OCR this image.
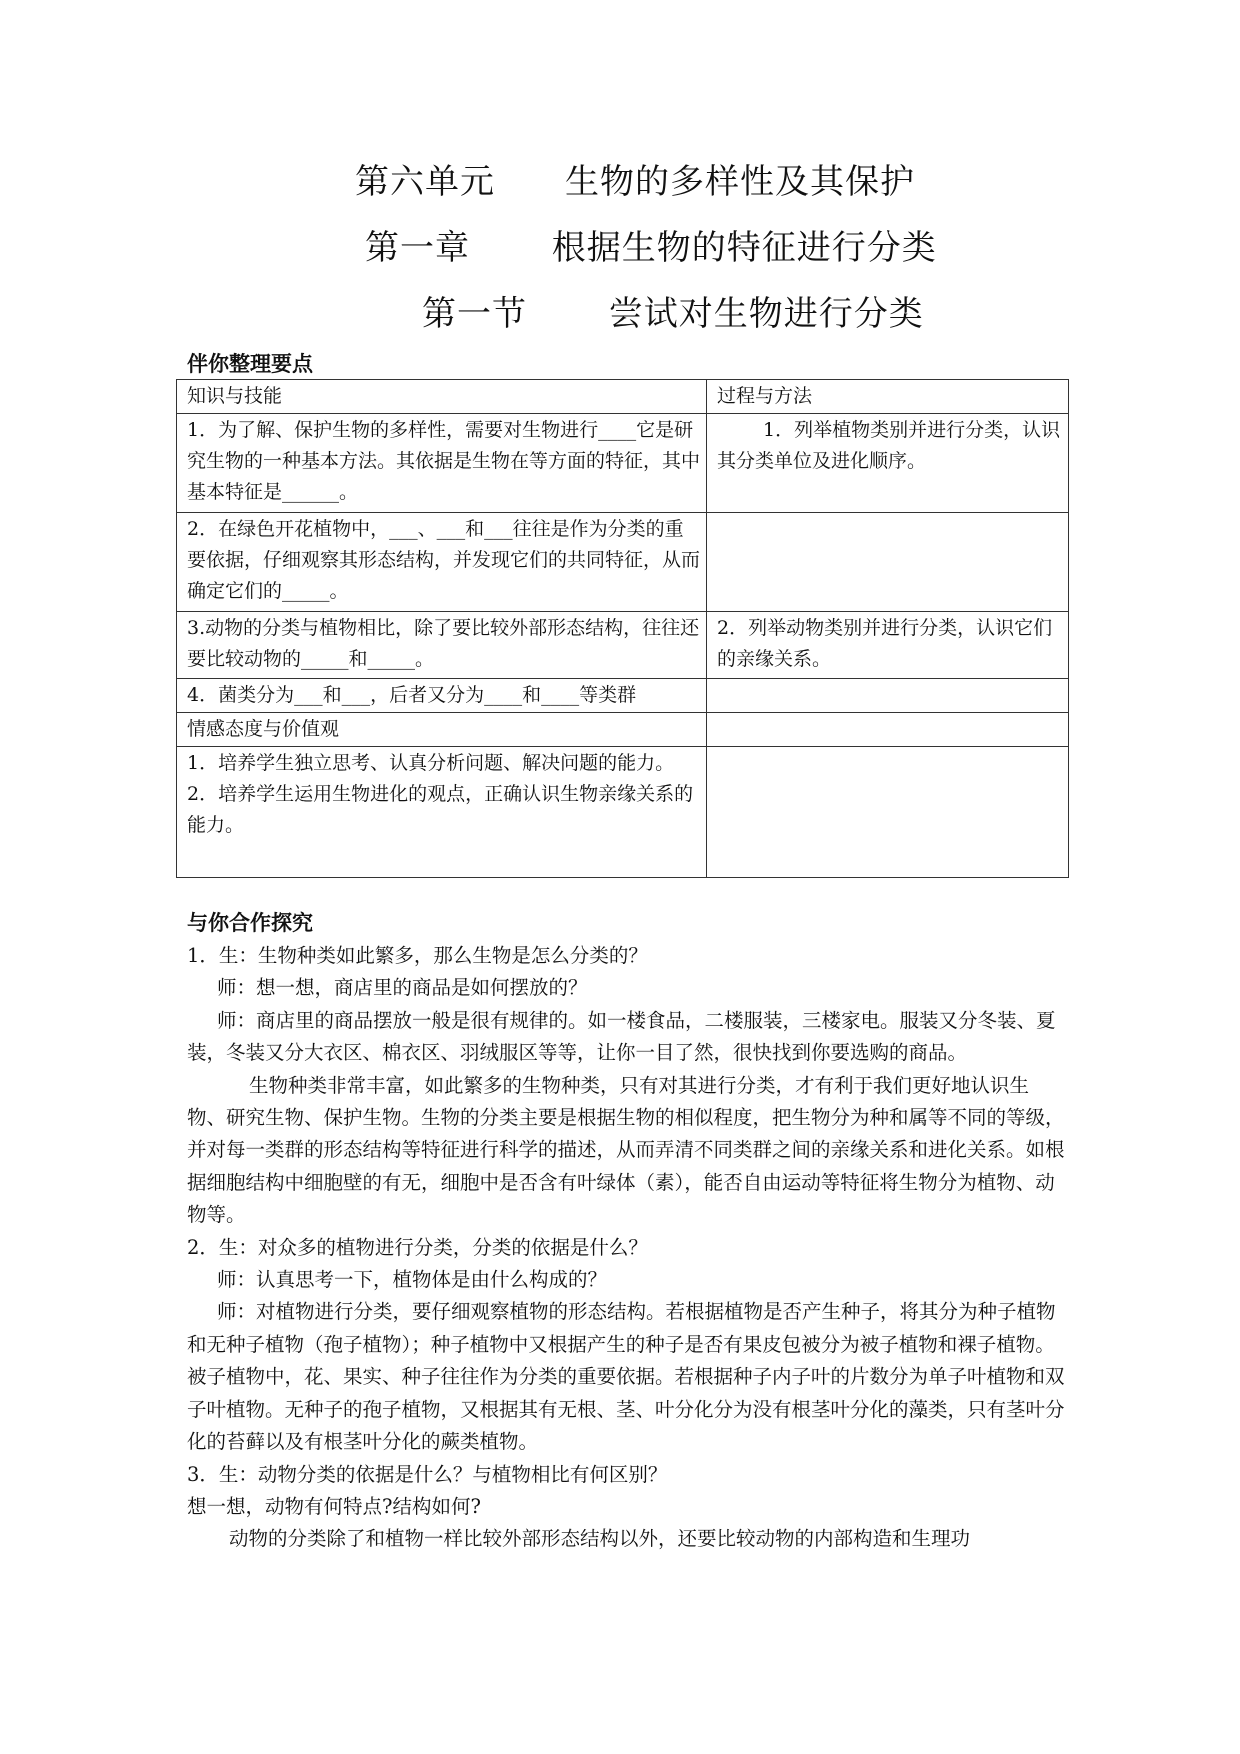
第六单元　　生物的多样性及其保护
第一章　　 根据生物的特征进行分类
第一节　　 尝试对生物进行分类
伴你整理要点
知识与技能	过程与方法
1．为了解、保护生物的多样性，需要对生物进行____它是研究生物的一种基本方法。其依据是生物在等方面的特征，其中基本特征是______。	1．列举植物类别并进行分类，认识其分类单位及进化顺序。
2．在绿色开花植物中，___、___和___往往是作为分类的重要依据，仔细观察其形态结构，并发现它们的共同特征，从而确定它们的_____。	
3.动物的分类与植物相比，除了要比较外部形态结构，往往还要比较动物的_____和_____。	2．列举动物类别并进行分类，认识它们的亲缘关系。
4．菌类分为___和___，后者又分为____和____等类群	
情感态度与价值观	

1．培养学生独立思考、认真分析问题、解决问题的能力。
2．培养学生运用生物进化的观点，正确认识生物亲缘关系的能力。	

与你合作探究

1．生：生物种类如此繁多，那么生物是怎么分类的？

师：想一想，商店里的商品是如何摆放的？

师：商店里的商品摆放一般是很有规律的。如一楼食品，二楼服装，三楼家电。服装又分冬装、夏装，冬装又分大衣区、棉衣区、羽绒服区等等，让你一目了然，很快找到你要选购的商品。

生物种类非常丰富，如此繁多的生物种类，只有对其进行分类，才有利于我们更好地认识生物、研究生物、保护生物。生物的分类主要是根据生物的相似程度，把生物分为种和属等不同的等级，并对每一类群的形态结构等特征进行科学的描述，从而弄清不同类群之间的亲缘关系和进化关系。如根据细胞结构中细胞壁的有无，细胞中是否含有叶绿体（素），能否自由运动等特征将生物分为植物、动物等。

2．生：对众多的植物进行分类，分类的依据是什么？

师：认真思考一下，植物体是由什么构成的？

师：对植物进行分类，要仔细观察植物的形态结构。若根据植物是否产生种子，将其分为种子植物和无种子植物（孢子植物）；种子植物中又根据产生的种子是否有果皮包被分为被子植物和裸子植物。被子植物中，花、果实、种子往往作为分类的重要依据。若根据种子内子叶的片数分为单子叶植物和双子叶植物。无种子的孢子植物，又根据其有无根、茎、叶分化分为没有根茎叶分化的藻类，只有茎叶分化的苔藓以及有根茎叶分化的蕨类植物。

3．生：动物分类的依据是什么？与植物相比有何区别？

想一想，动物有何特点?结构如何?

动物的分类除了和植物一样比较外部形态结构以外，还要比较动物的内部构造和生理功
